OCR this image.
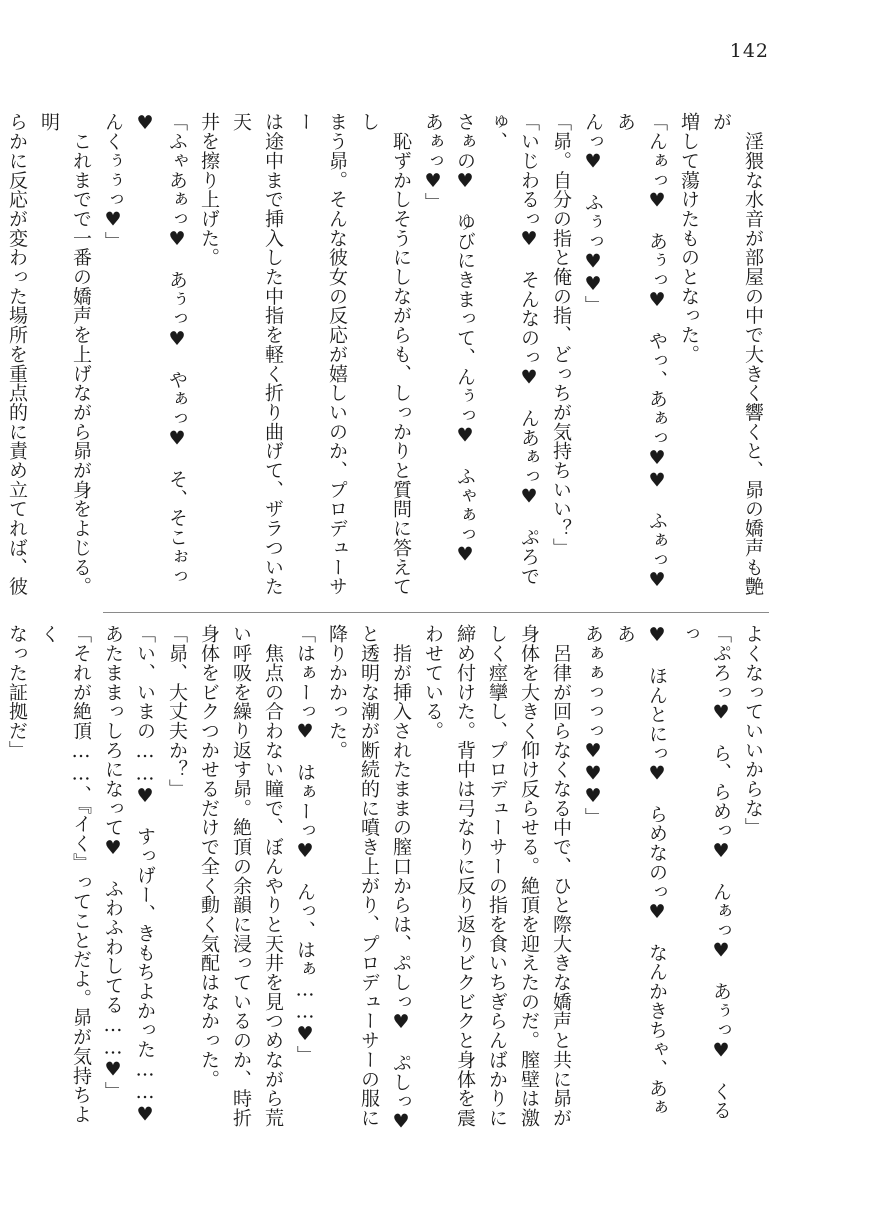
142

　淫猥な水音が部屋の中で大きく響くと、昴の嬌声も艶が

増して蕩けたものとなった。

「んぁっ♥　あぅっ♥　やっ、あぁっ♥♥　ふぁっ♥　あ

んっ♥　ふぅっ♥♥」

「昴。自分の指と俺の指、どっちが気持ちいい？」

「いじわるっ♥　そんなのっ♥　んあぁっ♥　ぷろでゅ、

さぁの♥　ゆびにきまって、んぅっ♥　ふゃぁっ♥

あぁっ♥」

　恥ずかしそうにしながらも、しっかりと質問に答えてし

まう昴。そんな彼女の反応が嬉しいのか、プロデューサー

は途中まで挿入した中指を軽く折り曲げて、ザラついた天

井を擦り上げた。

「ふゃあぁっ♥　あぅっ♥　やぁっ♥　そ、そこぉっ♥

んくぅぅっ♥」

　これまでで一番の嬌声を上げながら昴が身をよじる。明

らかに反応が変わった場所を重点的に責め立てれば、彼

よくなっていいからな」

「ぷろっ♥　ら、らめっ♥　んぁっ♥　あぅっ♥　くるっ

♥　ほんとにっ♥　らめなのっ♥　なんかきちゃ、あぁあ

あぁぁっっっ♥♥♥」

　呂律が回らなくなる中で、ひと際大きな嬌声と共に昴が

身体を大きく仰け反らせる。絶頂を迎えたのだ。膣壁は激

しく痙攣し、プロデューサーの指を食いちぎらんばかりに

締め付けた。背中は弓なりに反り返りビクビクと身体を震

わせている。

　指が挿入されたままの膣口からは、ぷしっ♥　ぷしっ♥

と透明な潮が断続的に噴き上がり、プロデューサーの服に

降りかかった。

「はぁーっ♥　はぁーっ♥　んっ、はぁ……♥」

　焦点の合わない瞳で、ぼんやりと天井を見つめながら荒

い呼吸を繰り返す昴。絶頂の余韻に浸っているのか、時折

身体をビクつかせるだけで全く動く気配はなかった。

「昴、大丈夫か？」

「い、いまの……♥　すっげー、きもちよかった……♥

あたままっしろになって♥　ふわふわしてる……♥」

「それが絶頂……、『イく』ってことだよ。昴が気持ちよく

なった証拠だ」
